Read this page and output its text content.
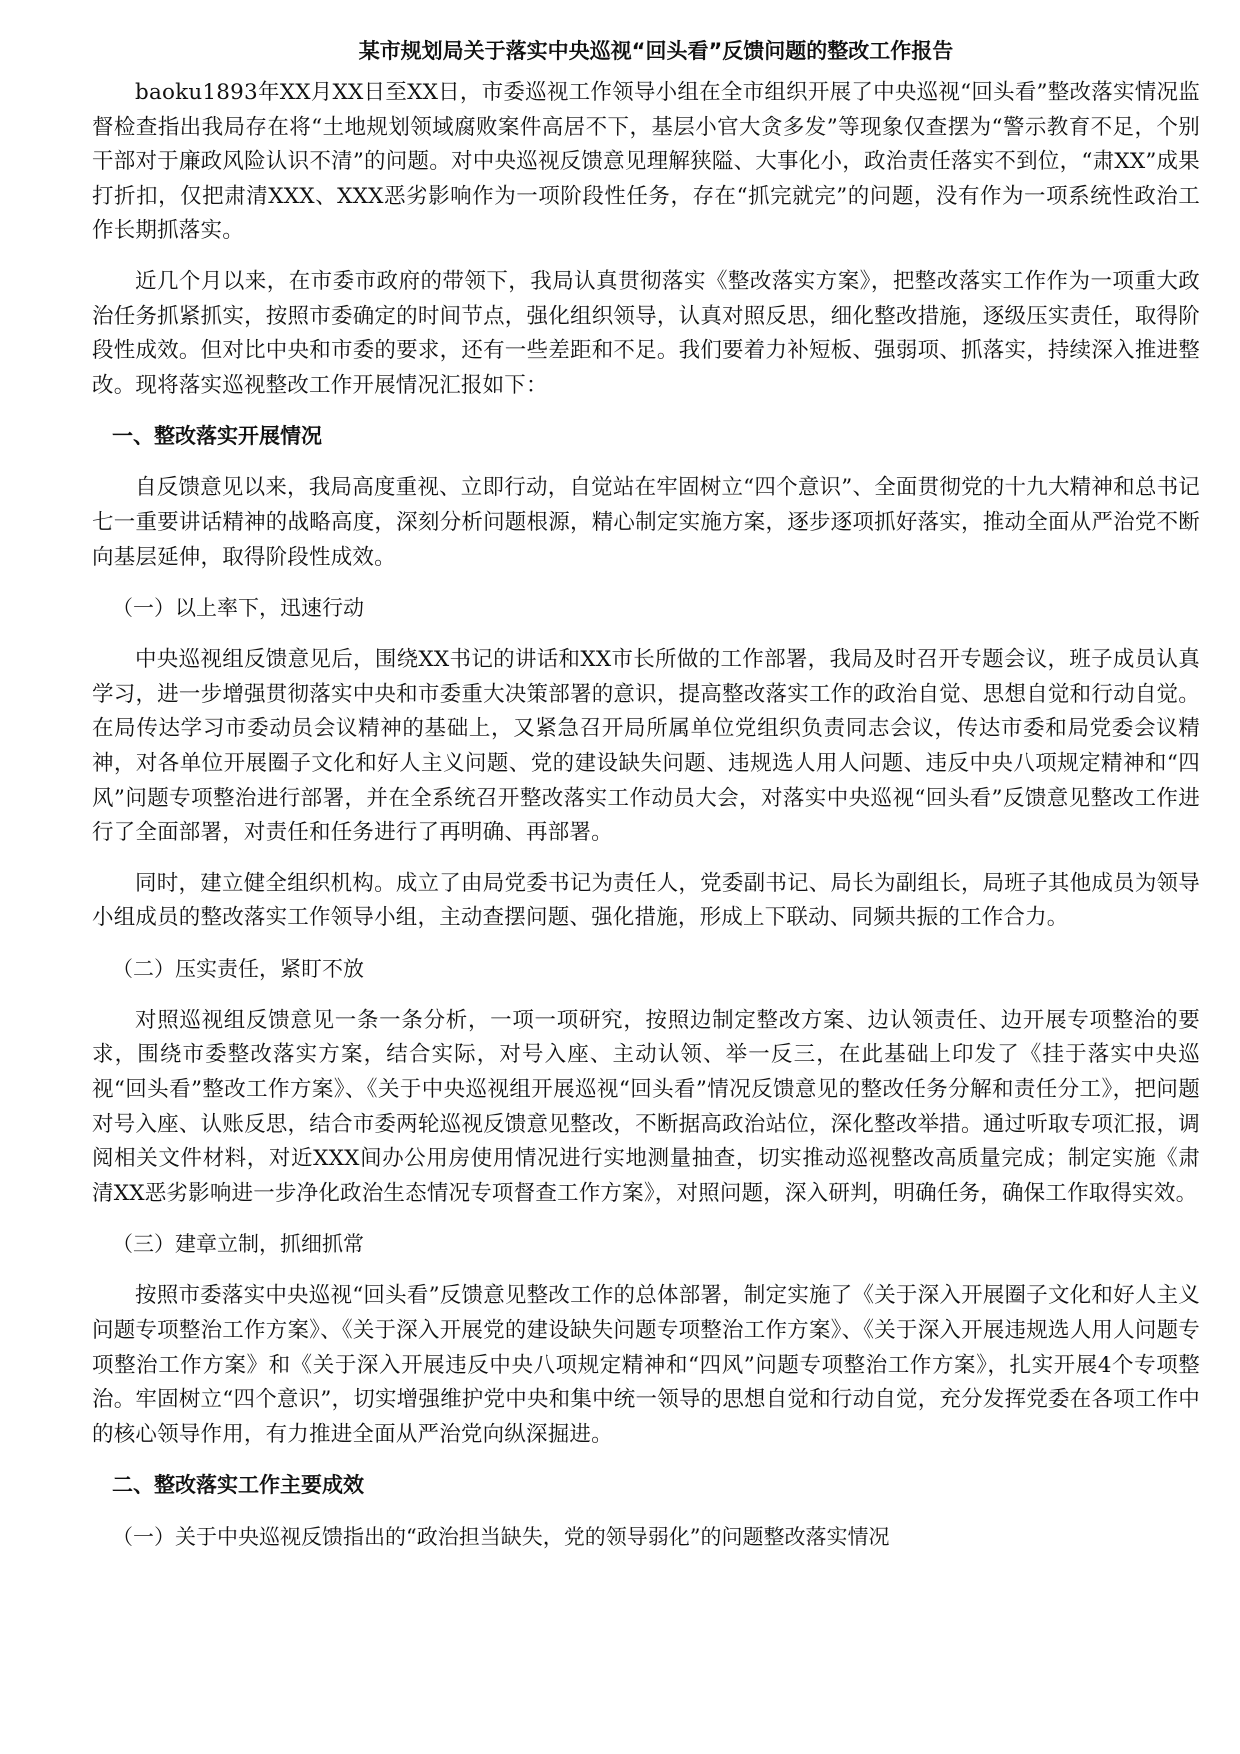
某市规划局关于落实中央巡视“回头看”反馈问题的整改工作报告

baoku1893年XX月XX日至XX日，市委巡视工作领导小组在全市组织开展了中央巡视“回头看”整改落实情况监督检查指出我局存在将“土地规划领域腐败案件高居不下，基层小官大贪多发”等现象仅查摆为“警示教育不足，个别干部对于廉政风险认识不清”的问题。对中央巡视反馈意见理解狭隘、大事化小，政治责任落实不到位，“肃XX”成果打折扣，仅把肃清XXX、XXX恶劣影响作为一项阶段性任务，存在“抓完就完”的问题，没有作为一项系统性政治工作长期抓落实。

近几个月以来，在市委市政府的带领下，我局认真贯彻落实《整改落实方案》，把整改落实工作作为一项重大政治任务抓紧抓实，按照市委确定的时间节点，强化组织领导，认真对照反思，细化整改措施，逐级压实责任，取得阶段性成效。但对比中央和市委的要求，还有一些差距和不足。我们要着力补短板、强弱项、抓落实，持续深入推进整改。现将落实巡视整改工作开展情况汇报如下：

一、整改落实开展情况

自反馈意见以来，我局高度重视、立即行动，自觉站在牢固树立“四个意识”、全面贯彻党的十九大精神和总书记七一重要讲话精神的战略高度，深刻分析问题根源，精心制定实施方案，逐步逐项抓好落实，推动全面从严治党不断向基层延伸，取得阶段性成效。

（一）以上率下，迅速行动

中央巡视组反馈意见后，围绕XX书记的讲话和XX市长所做的工作部署，我局及时召开专题会议，班子成员认真学习，进一步增强贯彻落实中央和市委重大决策部署的意识，提高整改落实工作的政治自觉、思想自觉和行动自觉。在局传达学习市委动员会议精神的基础上，又紧急召开局所属单位党组织负责同志会议，传达市委和局党委会议精神，对各单位开展圈子文化和好人主义问题、党的建设缺失问题、违规选人用人问题、违反中央八项规定精神和“四风”问题专项整治进行部署，并在全系统召开整改落实工作动员大会，对落实中央巡视“回头看”反馈意见整改工作进行了全面部署，对责任和任务进行了再明确、再部署。

同时，建立健全组织机构。成立了由局党委书记为责任人，党委副书记、局长为副组长，局班子其他成员为领导小组成员的整改落实工作领导小组，主动查摆问题、强化措施，形成上下联动、同频共振的工作合力。

（二）压实责任，紧盯不放

对照巡视组反馈意见一条一条分析，一项一项研究，按照边制定整改方案、边认领责任、边开展专项整治的要求，围绕市委整改落实方案，结合实际，对号入座、主动认领、举一反三，在此基础上印发了《挂于落实中央巡视“回头看”整改工作方案》、《关于中央巡视组开展巡视“回头看”情况反馈意见的整改任务分解和责任分工》，把问题对号入座、认账反思，结合市委两轮巡视反馈意见整改，不断据高政治站位，深化整改举措。通过听取专项汇报，调阅相关文件材料，对近XXX间办公用房使用情况进行实地测量抽查，切实推动巡视整改高质量完成；制定实施《肃清XX恶劣影响进一步净化政治生态情况专项督查工作方案》，对照问题，深入研判，明确任务，确保工作取得实效。

（三）建章立制，抓细抓常

按照市委落实中央巡视“回头看”反馈意见整改工作的总体部署，制定实施了《关于深入开展圈子文化和好人主义问题专项整治工作方案》、《关于深入开展党的建设缺失问题专项整治工作方案》、《关于深入开展违规选人用人问题专项整治工作方案》和《关于深入开展违反中央八项规定精神和“四风”问题专项整治工作方案》，扎实开展4个专项整治。牢固树立“四个意识”，切实增强维护党中央和集中统一领导的思想自觉和行动自觉，充分发挥党委在各项工作中的核心领导作用，有力推进全面从严治党向纵深掘进。

二、整改落实工作主要成效
（一）关于中央巡视反馈指出的“政治担当缺失，党的领导弱化”的问题整改落实情况
